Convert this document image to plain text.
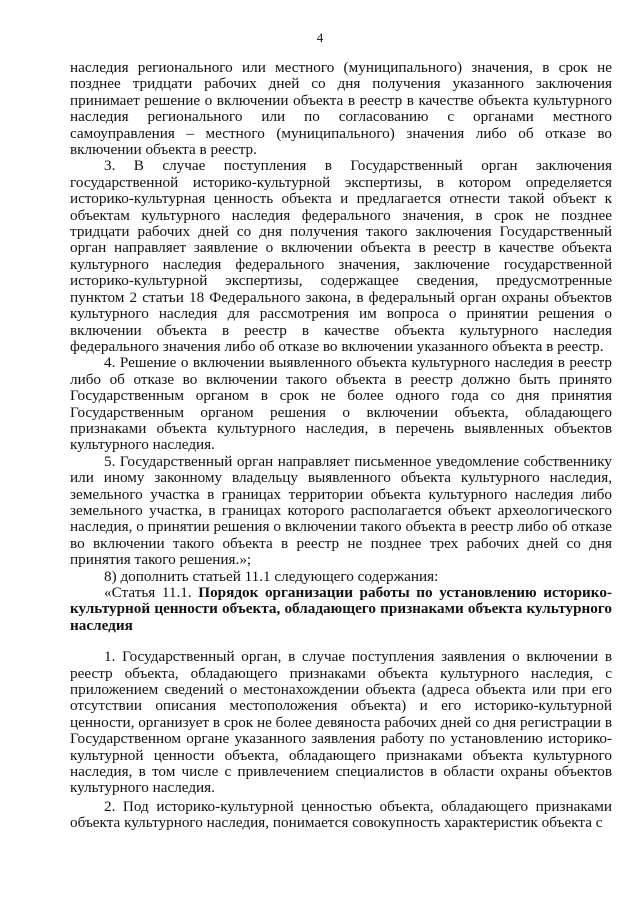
4

наследия регионального или местного (муниципального) значения, в срок не позднее тридцати рабочих дней со дня получения указанного заключения принимает решение о включении объекта в реестр в качестве объекта культурного наследия регионального или по согласованию с органами местного самоуправления – местного (муниципального) значения либо об отказе во включении объекта в реестр.

3. В случае поступления в Государственный орган заключения государственной историко-культурной экспертизы, в котором определяется историко-культурная ценность объекта и предлагается отнести такой объект к объектам культурного наследия федерального значения, в срок не позднее тридцати рабочих дней со дня получения такого заключения Государственный орган направляет заявление о включении объекта в реестр в качестве объекта культурного наследия федерального значения, заключение государственной историко-культурной экспертизы, содержащее сведения, предусмотренные пунктом 2 статьи 18 Федерального закона, в федеральный орган охраны объектов культурного наследия для рассмотрения им вопроса о принятии решения о включении объекта в реестр в качестве объекта культурного наследия федерального значения либо об отказе во включении указанного объекта в реестр.

4. Решение о включении выявленного объекта культурного наследия в реестр либо об отказе во включении такого объекта в реестр должно быть принято Государственным органом в срок не более одного года со дня принятия Государственным органом решения о включении объекта, обладающего признаками объекта культурного наследия, в перечень выявленных объектов культурного наследия.

5. Государственный орган направляет письменное уведомление собственнику или иному законному владельцу выявленного объекта культурного наследия, земельного участка в границах территории объекта культурного наследия либо земельного участка, в границах которого располагается объект археологического наследия, о принятии решения о включении такого объекта в реестр либо об отказе во включении такого объекта в реестр не позднее трех рабочих дней со дня принятия такого решения.»;

8) дополнить статьей 11.1 следующего содержания:

«Статья 11.1. Порядок организации работы по установлению историко-культурной ценности объекта, обладающего признаками объекта культурного наследия

1. Государственный орган, в случае поступления заявления о включении в реестр объекта, обладающего признаками объекта культурного наследия, с приложением сведений о местонахождении объекта (адреса объекта или при его отсутствии описания местоположения объекта) и его историко-культурной ценности, организует в срок не более девяноста рабочих дней со дня регистрации в Государственном органе указанного заявления работу по установлению историко-культурной ценности объекта, обладающего признаками объекта культурного наследия, в том числе с привлечением специалистов в области охраны объектов культурного наследия.

2. Под историко-культурной ценностью объекта, обладающего признаками объекта культурного наследия, понимается совокупность характеристик объекта с
